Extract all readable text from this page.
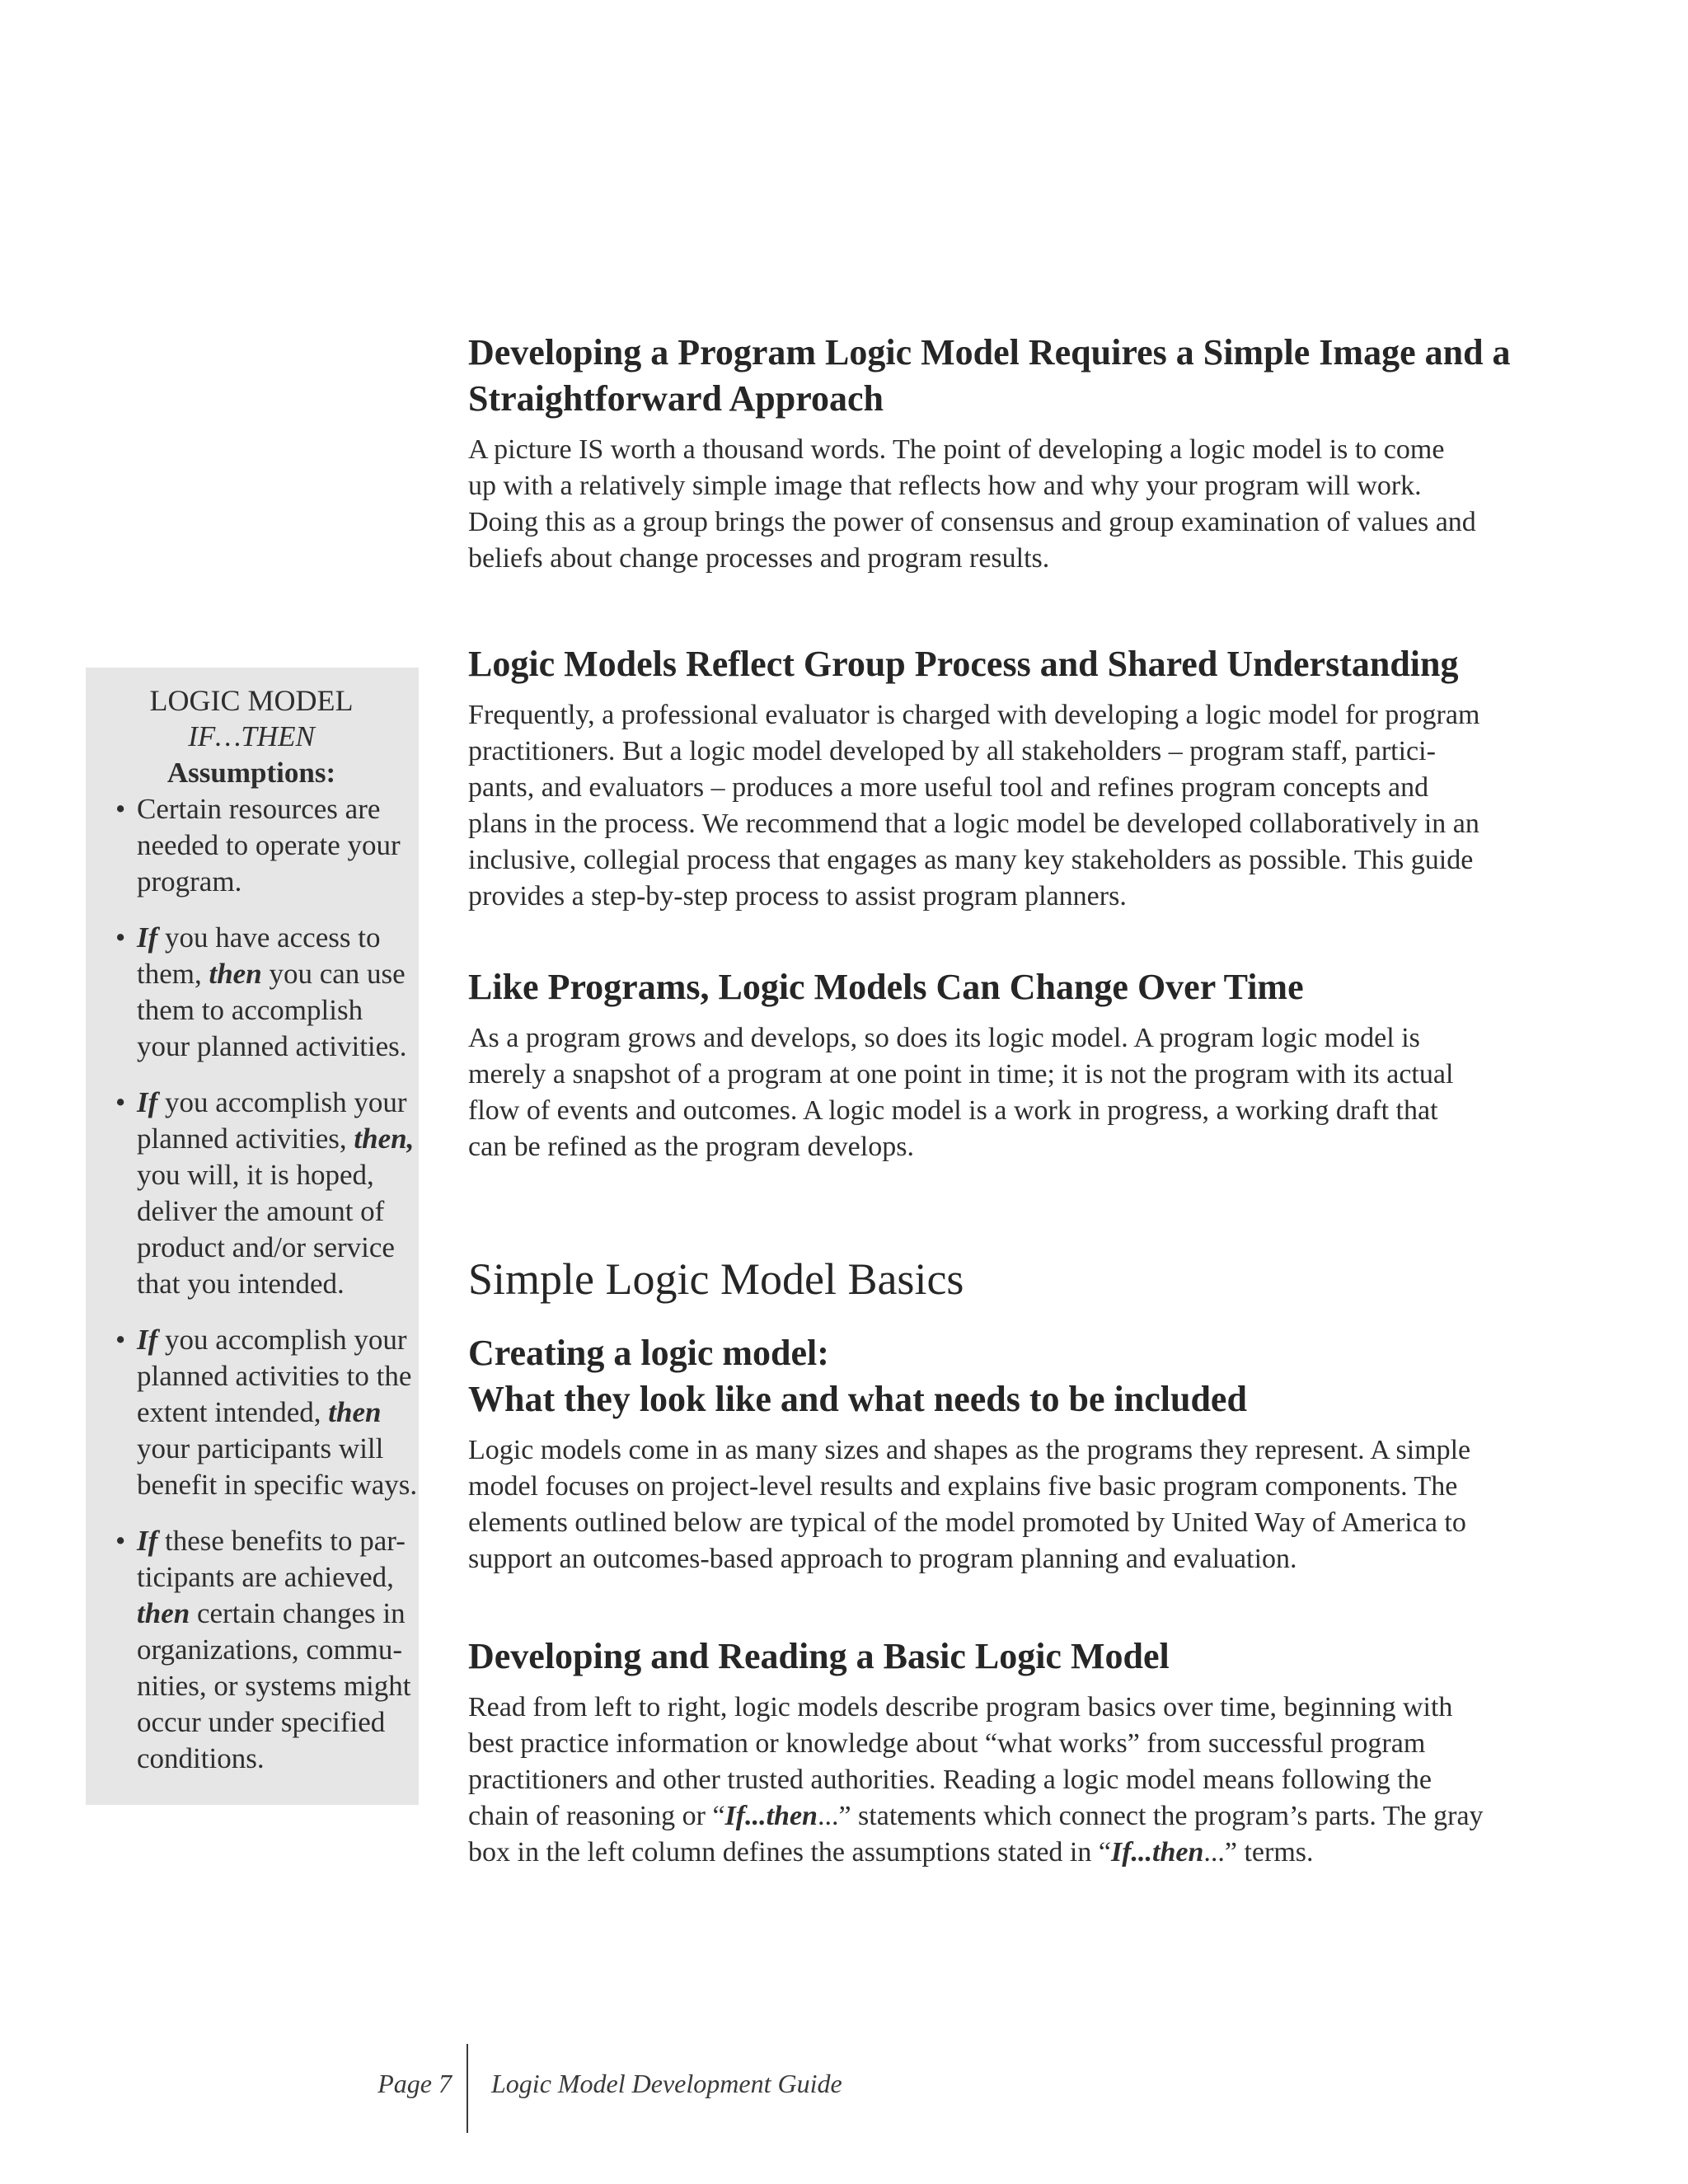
Developing a Program Logic Model Requires a Simple Image and a
Straightforward Approach

A picture IS worth a thousand words. The point of developing a logic model is to come
up with a relatively simple image that reflects how and why your program will work.
Doing this as a group brings the power of consensus and group examination of values and
beliefs about change processes and program results.

Logic Models Reflect Group Process and Shared Understanding

Frequently, a professional evaluator is charged with developing a logic model for program
practitioners. But a logic model developed by all stakeholders – program staff, partici-
pants, and evaluators – produces a more useful tool and refines program concepts and
plans in the process. We recommend that a logic model be developed collaboratively in an
inclusive, collegial process that engages as many key stakeholders as possible. This guide
provides a step-by-step process to assist program planners.

Like Programs, Logic Models Can Change Over Time

As a program grows and develops, so does its logic model. A program logic model is
merely a snapshot of a program at one point in time; it is not the program with its actual
flow of events and outcomes. A logic model is a work in progress, a working draft that
can be refined as the program develops.

Simple Logic Model Basics
Creating a logic model:
What they look like and what needs to be included

Logic models come in as many sizes and shapes as the programs they represent. A simple
model focuses on project-level results and explains five basic program components. The
elements outlined below are typical of the model promoted by United Way of America to
support an outcomes-based approach to program planning and evaluation.

Developing and Reading a Basic Logic Model

Read from left to right, logic models describe program basics over time, beginning with
best practice information or knowledge about “what works” from successful program
practitioners and other trusted authorities. Reading a logic model means following the
chain of reasoning or “If...then...” statements which connect the program’s parts. The gray
box in the left column defines the assumptions stated in “If...then...” terms.

LOGIC MODEL
IF…THEN
Assumptions:
• Certain resources are
needed to operate your
program.
• If you have access to
them, then you can use
them to accomplish
your planned activities.
• If you accomplish your
planned activities, then,
you will, it is hoped,
deliver the amount of
product and/or service
that you intended.
• If you accomplish your
planned activities to the
extent intended, then
your participants will
benefit in specific ways.
• If these benefits to par-
ticipants are achieved,
then certain changes in
organizations, commu-
nities, or systems might
occur under specified
conditions.
Page 7 Logic Model Development Guide
